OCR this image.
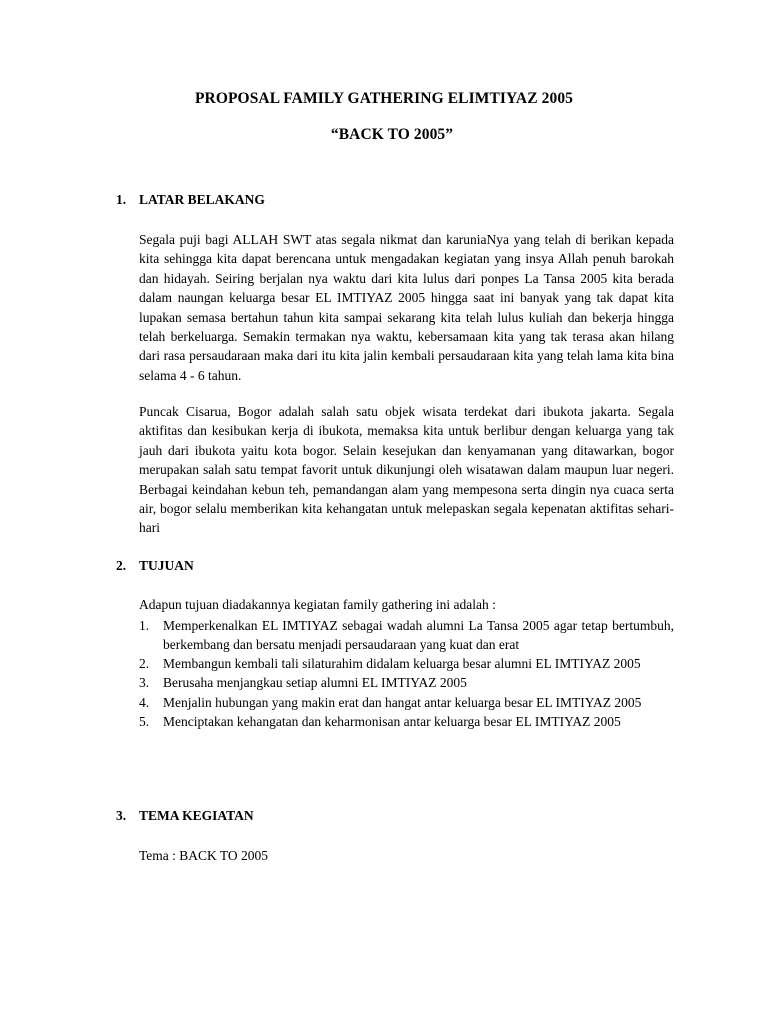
PROPOSAL FAMILY GATHERING ELIMTIYAZ 2005
“BACK TO 2005”
1. LATAR BELAKANG
Segala puji bagi ALLAH SWT atas segala nikmat dan karuniaNya yang telah di berikan kepada kita sehingga kita dapat berencana untuk mengadakan kegiatan yang insya Allah penuh barokah dan hidayah. Seiring berjalan nya waktu dari kita lulus dari ponpes La Tansa 2005 kita berada dalam naungan keluarga besar EL IMTIYAZ 2005 hingga saat ini banyak yang tak dapat kita lupakan semasa bertahun tahun kita sampai sekarang kita telah lulus kuliah dan bekerja hingga telah berkeluarga. Semakin termakan nya waktu, kebersamaan kita yang tak terasa akan hilang dari rasa persaudaraan maka dari itu kita jalin kembali persaudaraan kita yang telah lama kita bina selama 4 - 6 tahun.
Puncak Cisarua, Bogor adalah salah satu objek wisata terdekat dari ibukota jakarta. Segala aktifitas dan kesibukan kerja di ibukota, memaksa kita untuk berlibur dengan keluarga yang tak jauh dari ibukota yaitu kota bogor. Selain kesejukan dan kenyamanan yang ditawarkan, bogor merupakan salah satu tempat favorit untuk dikunjungi oleh wisatawan dalam maupun luar negeri. Berbagai keindahan kebun teh, pemandangan alam yang mempesona serta dingin nya cuaca serta air, bogor selalu memberikan kita kehangatan untuk melepaskan segala kepenatan aktifitas sehari-hari
2. TUJUAN
Adapun tujuan diadakannya kegiatan family gathering ini adalah :
1. Memperkenalkan EL IMTIYAZ sebagai wadah alumni La Tansa 2005 agar tetap bertumbuh, berkembang dan bersatu menjadi persaudaraan yang kuat dan erat
2. Membangun kembali tali silaturahim didalam keluarga besar alumni EL IMTIYAZ 2005
3. Berusaha menjangkau setiap alumni EL IMTIYAZ 2005
4. Menjalin hubungan yang makin erat dan hangat antar keluarga besar EL IMTIYAZ 2005
5. Menciptakan kehangatan dan keharmonisan antar keluarga besar EL IMTIYAZ 2005
3. TEMA KEGIATAN
Tema : BACK TO 2005
